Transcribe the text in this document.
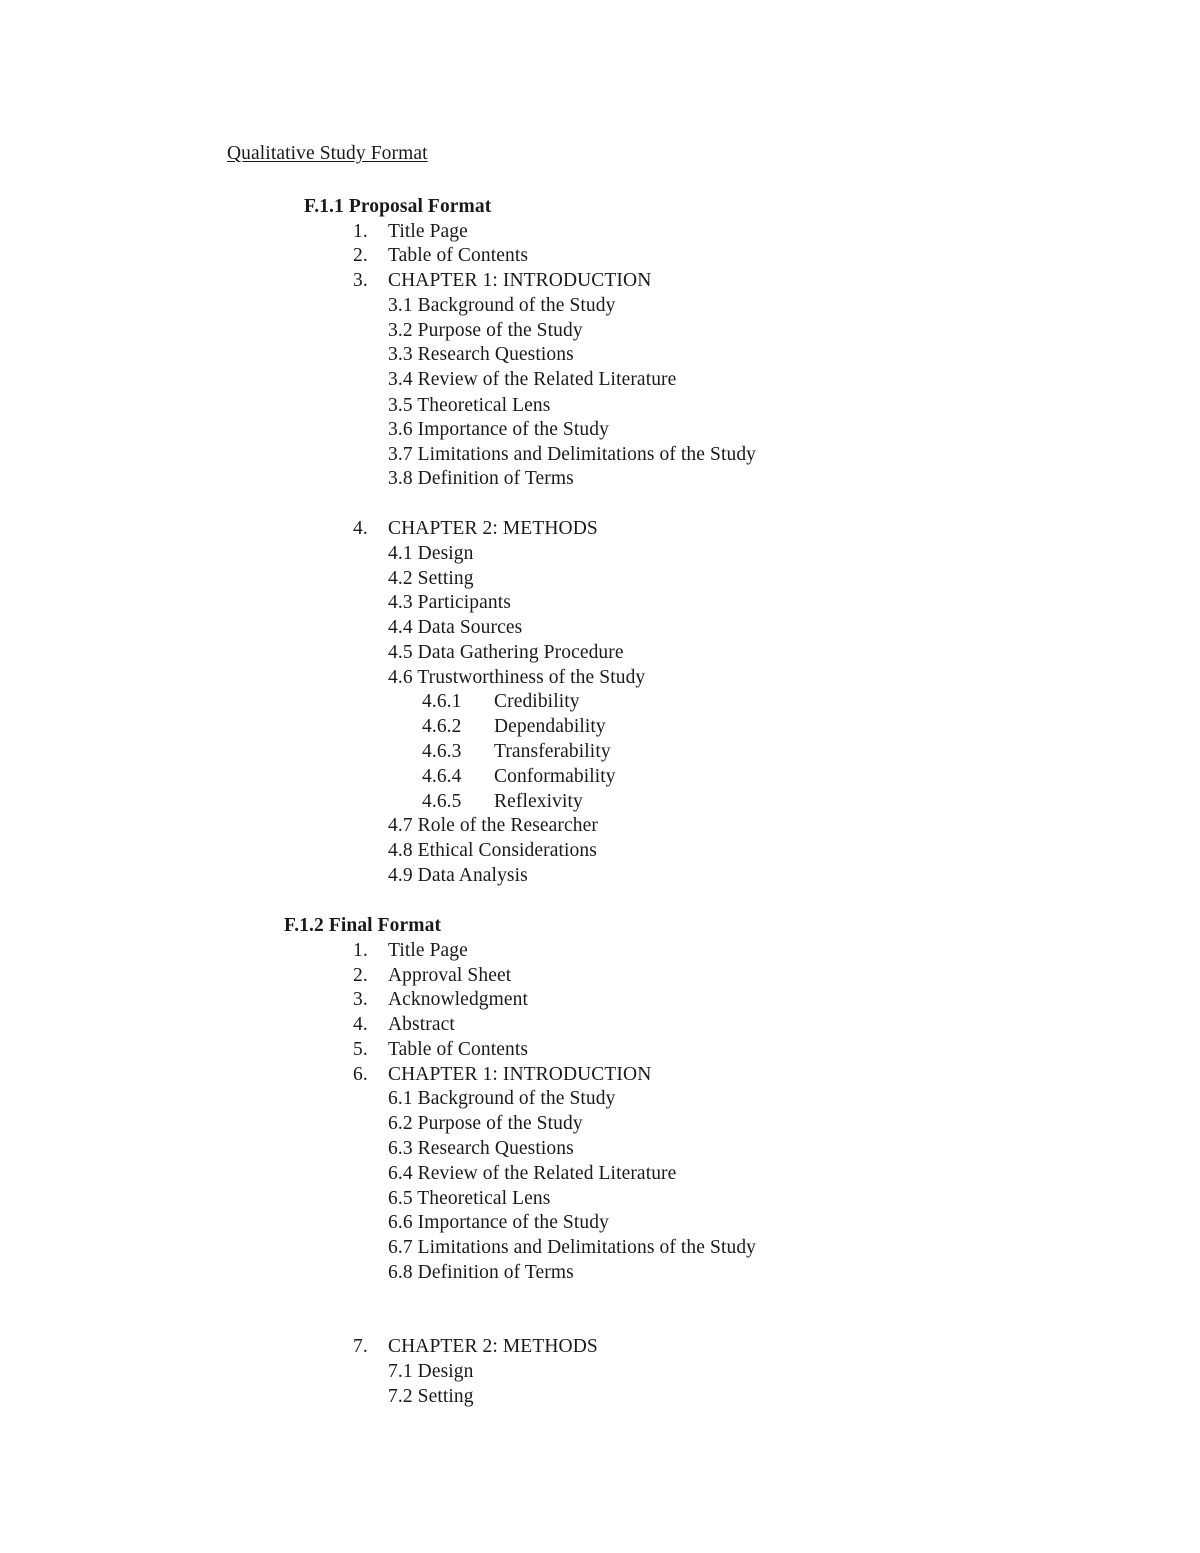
Qualitative Study Format
F.1.1 Proposal Format
1. Title Page
2. Table of Contents
3. CHAPTER 1: INTRODUCTION
3.1 Background of the Study
3.2 Purpose of the Study
3.3 Research Questions
3.4 Review of the Related Literature
3.5 Theoretical Lens
3.6 Importance of the Study
3.7 Limitations and Delimitations of the Study
3.8 Definition of Terms
4. CHAPTER 2: METHODS
4.1 Design
4.2 Setting
4.3 Participants
4.4 Data Sources
4.5 Data Gathering Procedure
4.6 Trustworthiness of the Study
4.6.1 Credibility
4.6.2 Dependability
4.6.3 Transferability
4.6.4 Conformability
4.6.5 Reflexivity
4.7 Role of the Researcher
4.8 Ethical Considerations
4.9 Data Analysis
F.1.2 Final Format
1. Title Page
2. Approval Sheet
3. Acknowledgment
4. Abstract
5. Table of Contents
6. CHAPTER 1: INTRODUCTION
6.1 Background of the Study
6.2 Purpose of the Study
6.3 Research Questions
6.4 Review of the Related Literature
6.5 Theoretical Lens
6.6 Importance of the Study
6.7 Limitations and Delimitations of the Study
6.8 Definition of Terms
7. CHAPTER 2: METHODS
7.1 Design
7.2 Setting
